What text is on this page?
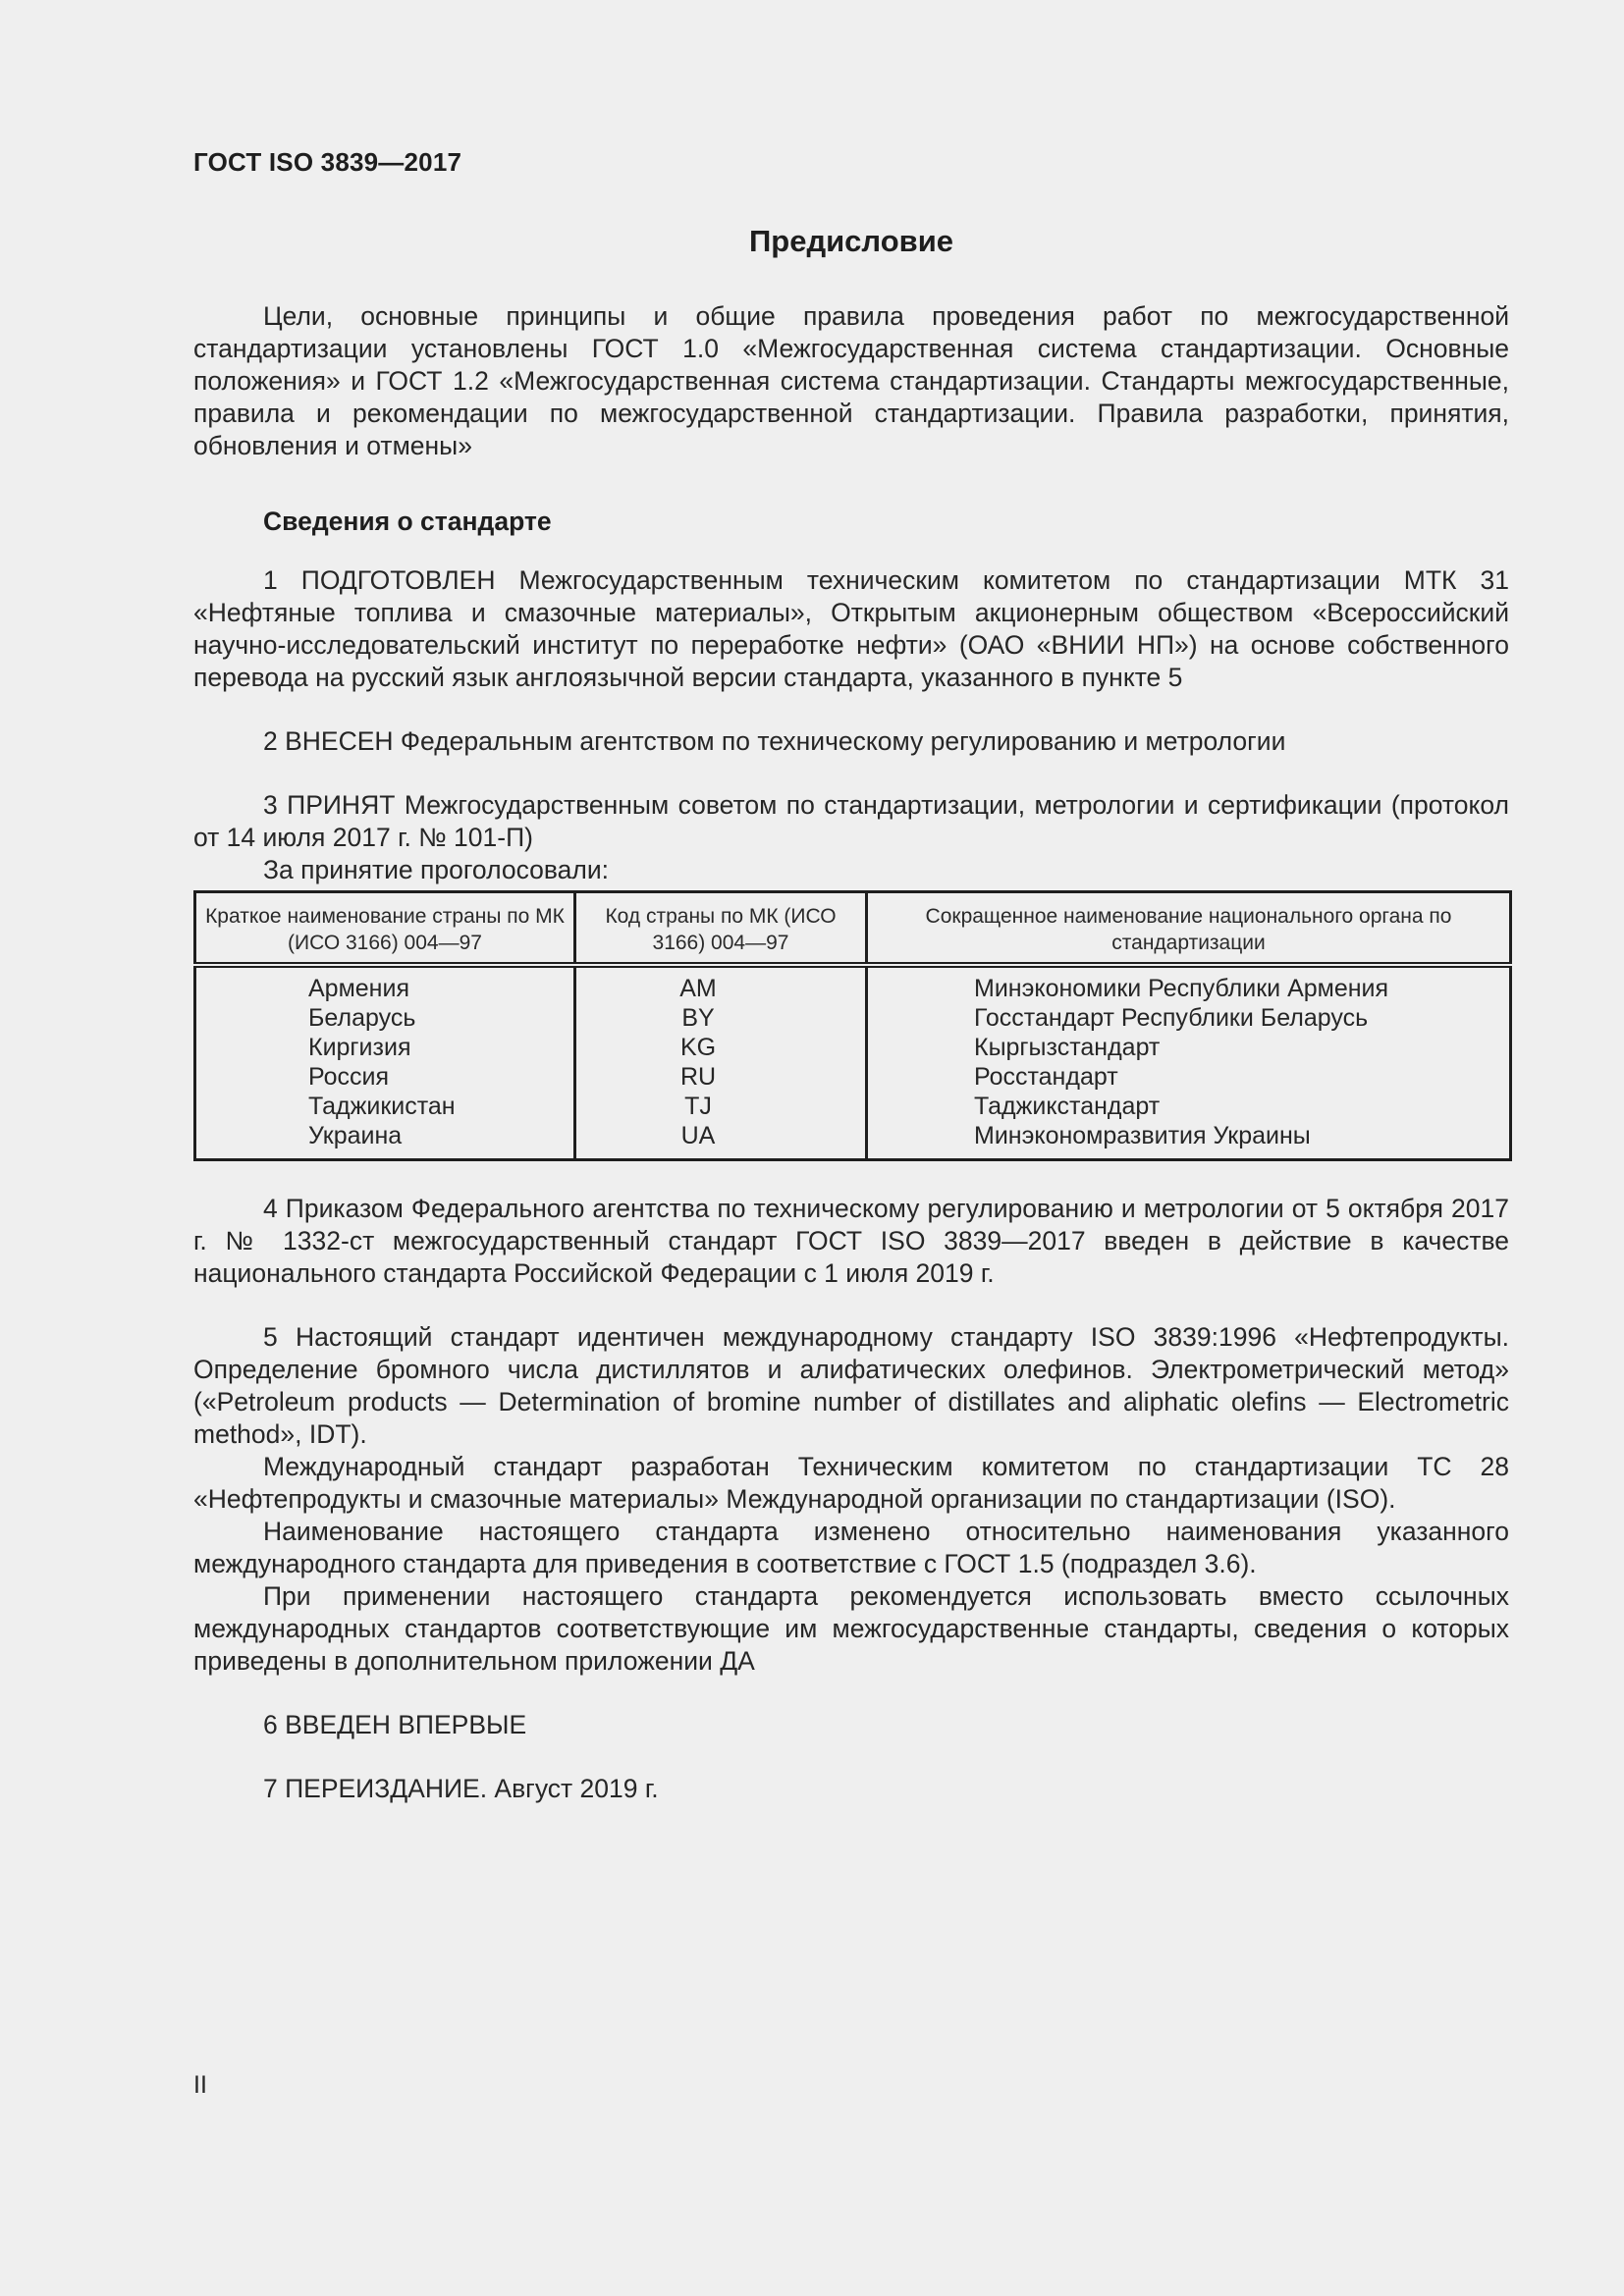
ГОСТ ISO 3839—2017
Предисловие

Цели, основные принципы и общие правила проведения работ по межгосударственной стандартизации установлены ГОСТ 1.0 «Межгосударственная система стандартизации. Основные положения» и ГОСТ 1.2 «Межгосударственная система стандартизации. Стандарты межгосударственные, правила и рекомендации по межгосударственной стандартизации. Правила разработки, принятия, обновления и отмены»

Сведения о стандарте

1 ПОДГОТОВЛЕН Межгосударственным техническим комитетом по стандартизации МТК 31 «Нефтяные топлива и смазочные материалы», Открытым акционерным обществом «Всероссийский научно-исследовательский институт по переработке нефти» (ОАО «ВНИИ НП») на основе собственного перевода на русский язык англоязычной версии стандарта, указанного в пункте 5

2 ВНЕСЕН Федеральным агентством по техническому регулированию и метрологии

3 ПРИНЯТ Межгосударственным советом по стандартизации, метрологии и сертификации (протокол от 14 июля 2017 г. № 101-П)

За принятие проголосовали:

Краткое наименование страны по МК (ИСО 3166) 004—97	Код страны по МК (ИСО 3166) 004—97	Сокращенное наименование национального органа по стандартизации
Армения	AM	Минэкономики Республики Армения
Беларусь	BY	Госстандарт Республики Беларусь
Киргизия	KG	Кыргызстандарт
Россия	RU	Росстандарт
Таджикистан	TJ	Таджикстандарт
Украина	UA	Минэкономразвития Украины

4 Приказом Федерального агентства по техническому регулированию и метрологии от 5 октября 2017 г. № 1332-ст межгосударственный стандарт ГОСТ ISO 3839—2017 введен в действие в качестве национального стандарта Российской Федерации с 1 июля 2019 г.

5 Настоящий стандарт идентичен международному стандарту ISO 3839:1996 «Нефтепродукты. Определение бромного числа дистиллятов и алифатических олефинов. Электрометрический метод» («Petroleum products — Determination of bromine number of distillates and aliphatic olefins — Electrometric method», IDT).

Международный стандарт разработан Техническим комитетом по стандартизации ТС 28 «Нефтепродукты и смазочные материалы» Международной организации по стандартизации (ISO).

Наименование настоящего стандарта изменено относительно наименования указанного международного стандарта для приведения в соответствие с ГОСТ 1.5 (подраздел 3.6).

При применении настоящего стандарта рекомендуется использовать вместо ссылочных международных стандартов соответствующие им межгосударственные стандарты, сведения о которых приведены в дополнительном приложении ДА

6 ВВЕДЕН ВПЕРВЫЕ

7 ПЕРЕИЗДАНИЕ. Август 2019 г.

II
